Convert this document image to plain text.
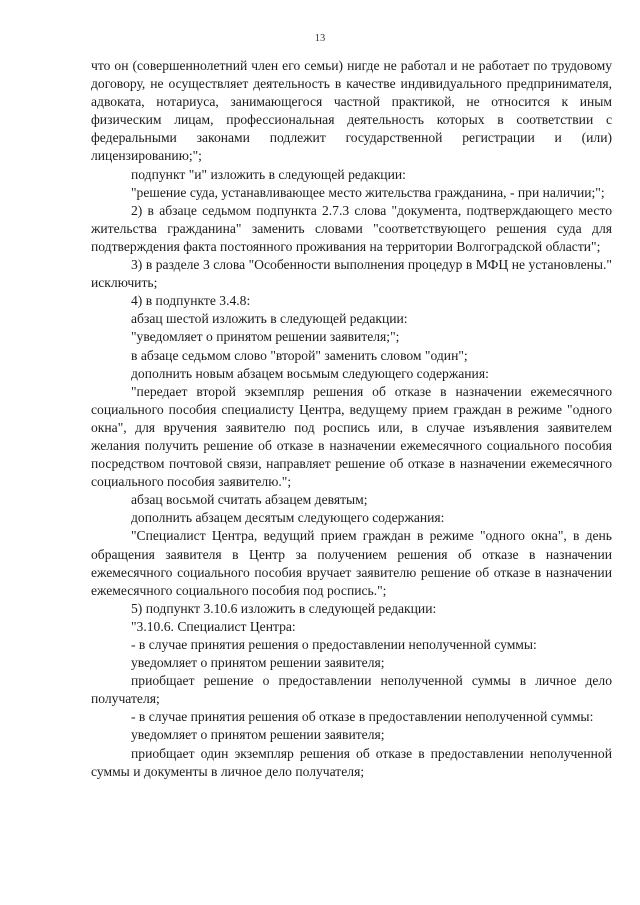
13

что он (совершеннолетний член его семьи) нигде не работал и не работает по трудовому договору, не осуществляет деятельность в качестве индивидуального предпринимателя, адвоката, нотариуса, занимающегося частной практикой, не относится к иным физическим лицам, профессиональная деятельность которых в соответствии с федеральными законами подлежит государственной регистрации и (или) лицензированию;";

подпункт "и" изложить в следующей редакции:

"решение суда, устанавливающее место жительства гражданина, - при наличии;";

2) в абзаце седьмом подпункта 2.7.3 слова "документа, подтверждающего место жительства гражданина" заменить словами "соответствующего решения суда для подтверждения факта постоянного проживания на территории Волгоградской области";

3) в разделе 3 слова "Особенности выполнения процедур в МФЦ не установлены." исключить;

4) в подпункте 3.4.8:

абзац шестой изложить в следующей редакции:

"уведомляет о принятом решении заявителя;";

в абзаце седьмом слово "второй" заменить словом "один";

дополнить новым абзацем восьмым следующего содержания:

"передает второй экземпляр решения об отказе в назначении ежемесячного социального пособия специалисту Центра, ведущему прием граждан в режиме "одного окна", для вручения заявителю под роспись или, в случае изъявления заявителем желания получить решение об отказе в назначении ежемесячного социального пособия посредством почтовой связи, направляет решение об отказе в назначении ежемесячного социального пособия заявителю.";

абзац восьмой считать абзацем девятым;

дополнить абзацем десятым следующего содержания:

"Специалист Центра, ведущий прием граждан в режиме "одного окна", в день обращения заявителя в Центр за получением решения об отказе в назначении ежемесячного социального пособия вручает заявителю решение об отказе в назначении ежемесячного социального пособия под роспись.";

5) подпункт 3.10.6 изложить в следующей редакции:

"3.10.6. Специалист Центра:

- в случае принятия решения о предоставлении неполученной суммы:

уведомляет о принятом решении заявителя;

приобщает решение о предоставлении неполученной суммы в личное дело получателя;

- в случае принятия решения об отказе в предоставлении неполученной суммы:

уведомляет о принятом решении заявителя;

приобщает один экземпляр решения об отказе в предоставлении неполученной суммы и документы в личное дело получателя;
